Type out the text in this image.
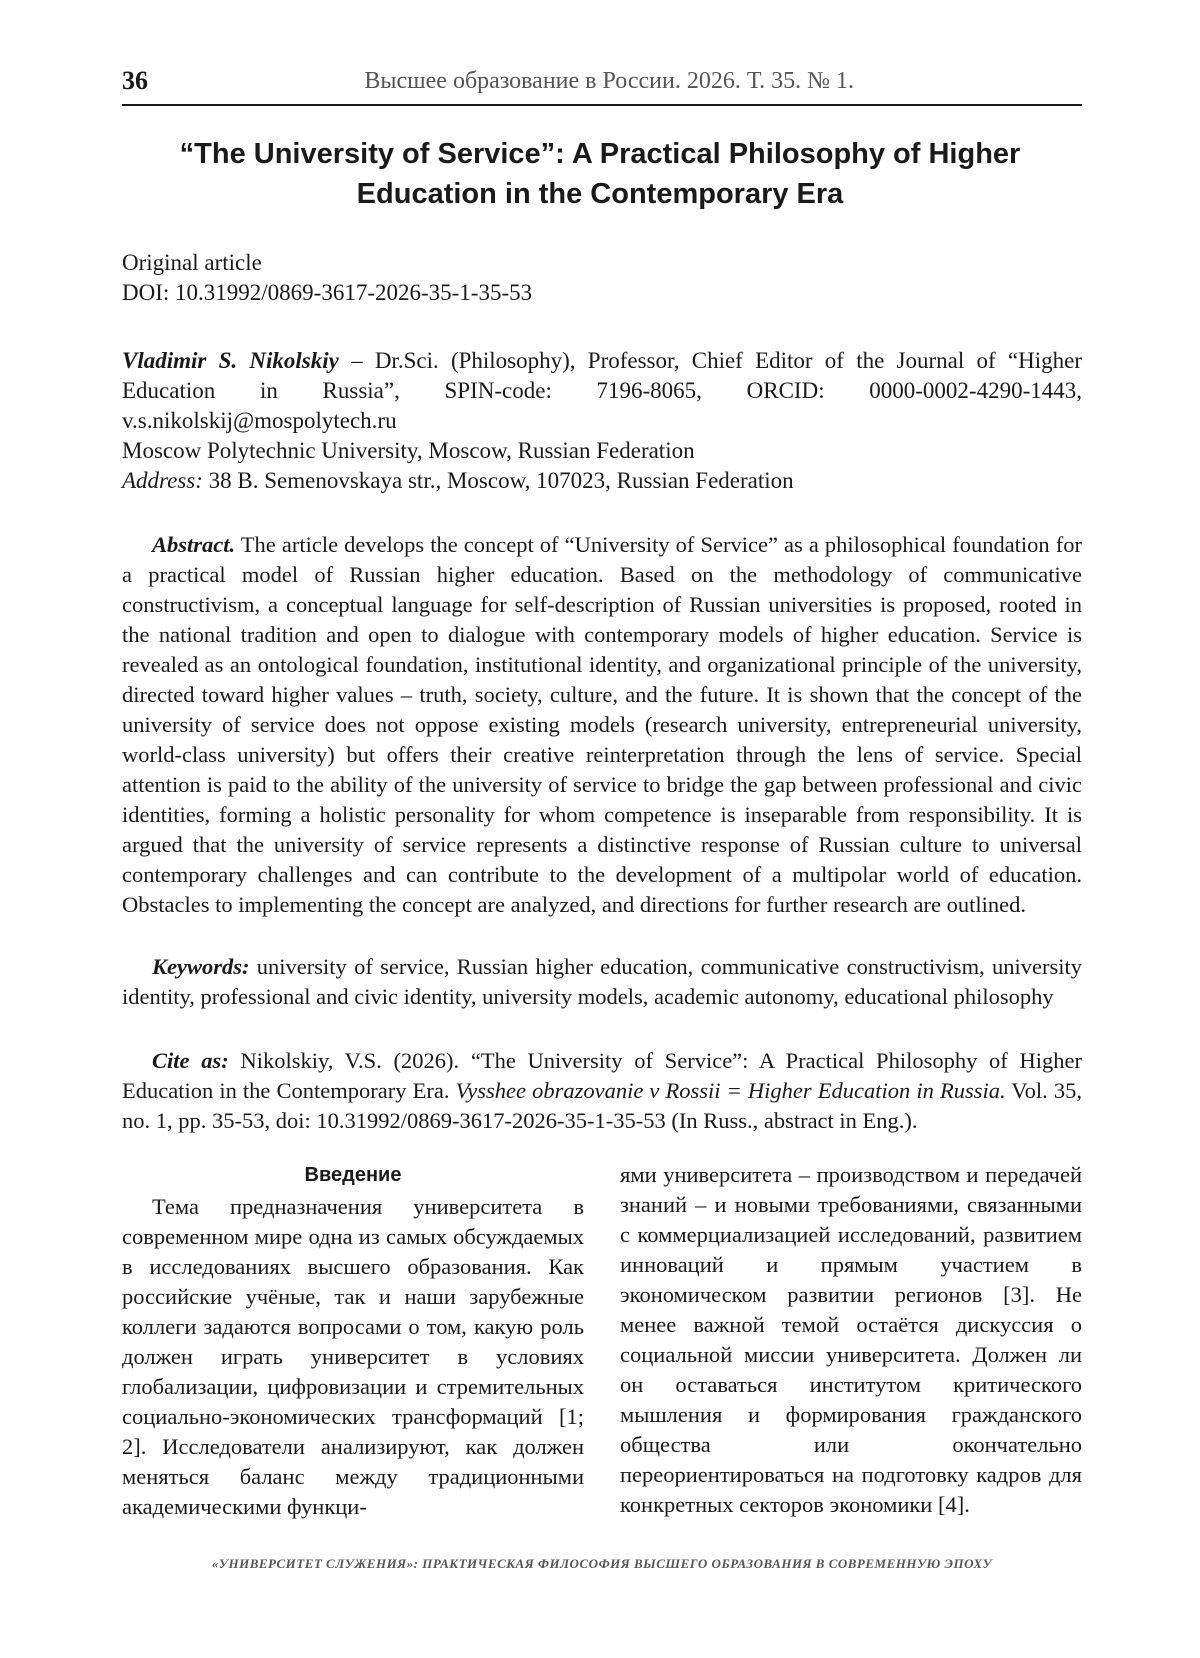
36	Высшее образование в России. 2026. Т. 35. № 1.
“The University of Service”: A Practical Philosophy of Higher Education in the Contemporary Era
Original article
DOI: 10.31992/0869-3617-2026-35-1-35-53
Vladimir S. Nikolskiy – Dr.Sci. (Philosophy), Professor, Chief Editor of the Journal of “Higher Education in Russia”, SPIN-code: 7196-8065, ORCID: 0000-0002-4290-1443, v.s.nikolskij@mospolytech.ru
Moscow Polytechnic University, Moscow, Russian Federation
Address: 38 B. Semenovskaya str., Moscow, 107023, Russian Federation
Abstract. The article develops the concept of “University of Service” as a philosophical foundation for a practical model of Russian higher education. Based on the methodology of communicative constructivism, a conceptual language for self-description of Russian universities is proposed, rooted in the national tradition and open to dialogue with contemporary models of higher education. Service is revealed as an ontological foundation, institutional identity, and organizational principle of the university, directed toward higher values – truth, society, culture, and the future. It is shown that the concept of the university of service does not oppose existing models (research university, entrepreneurial university, world-class university) but offers their creative reinterpretation through the lens of service. Special attention is paid to the ability of the university of service to bridge the gap between professional and civic identities, forming a holistic personality for whom competence is inseparable from responsibility. It is argued that the university of service represents a distinctive response of Russian culture to universal contemporary challenges and can contribute to the development of a multipolar world of education. Obstacles to implementing the concept are analyzed, and directions for further research are outlined.
Keywords: university of service, Russian higher education, communicative constructivism, university identity, professional and civic identity, university models, academic autonomy, educational philosophy
Cite as: Nikolskiy, V.S. (2026). “The University of Service”: A Practical Philosophy of Higher Education in the Contemporary Era. Vysshee obrazovanie v Rossii = Higher Education in Russia. Vol. 35, no. 1, pp. 35-53, doi: 10.31992/0869-3617-2026-35-1-35-53 (In Russ., abstract in Eng.).
Введение
Тема предназначения университета в современном мире одна из самых обсуждаемых в исследованиях высшего образования. Как российские учёные, так и наши зарубежные коллеги задаются вопросами о том, какую роль должен играть университет в условиях глобализации, цифровизации и стремительных социально-экономических трансформаций [1; 2]. Исследователи анализируют, как должен меняться баланс между традиционными академическими функци-
ями университета – производством и передачей знаний – и новыми требованиями, связанными с коммерциализацией исследований, развитием инноваций и прямым участием в экономическом развитии регионов [3]. Не менее важной темой остаётся дискуссия о социальной миссии университета. Должен ли он оставаться институтом критического мышления и формирования гражданского общества или окончательно переориентироваться на подготовку кадров для конкретных секторов экономики [4].
«УНИВЕРСИТЕТ СЛУЖЕНИЯ»: ПРАКТИЧЕСКАЯ ФИЛОСОФИЯ ВЫСШЕГО ОБРАЗОВАНИЯ В СОВРЕМЕННУЮ ЭПОХУ
